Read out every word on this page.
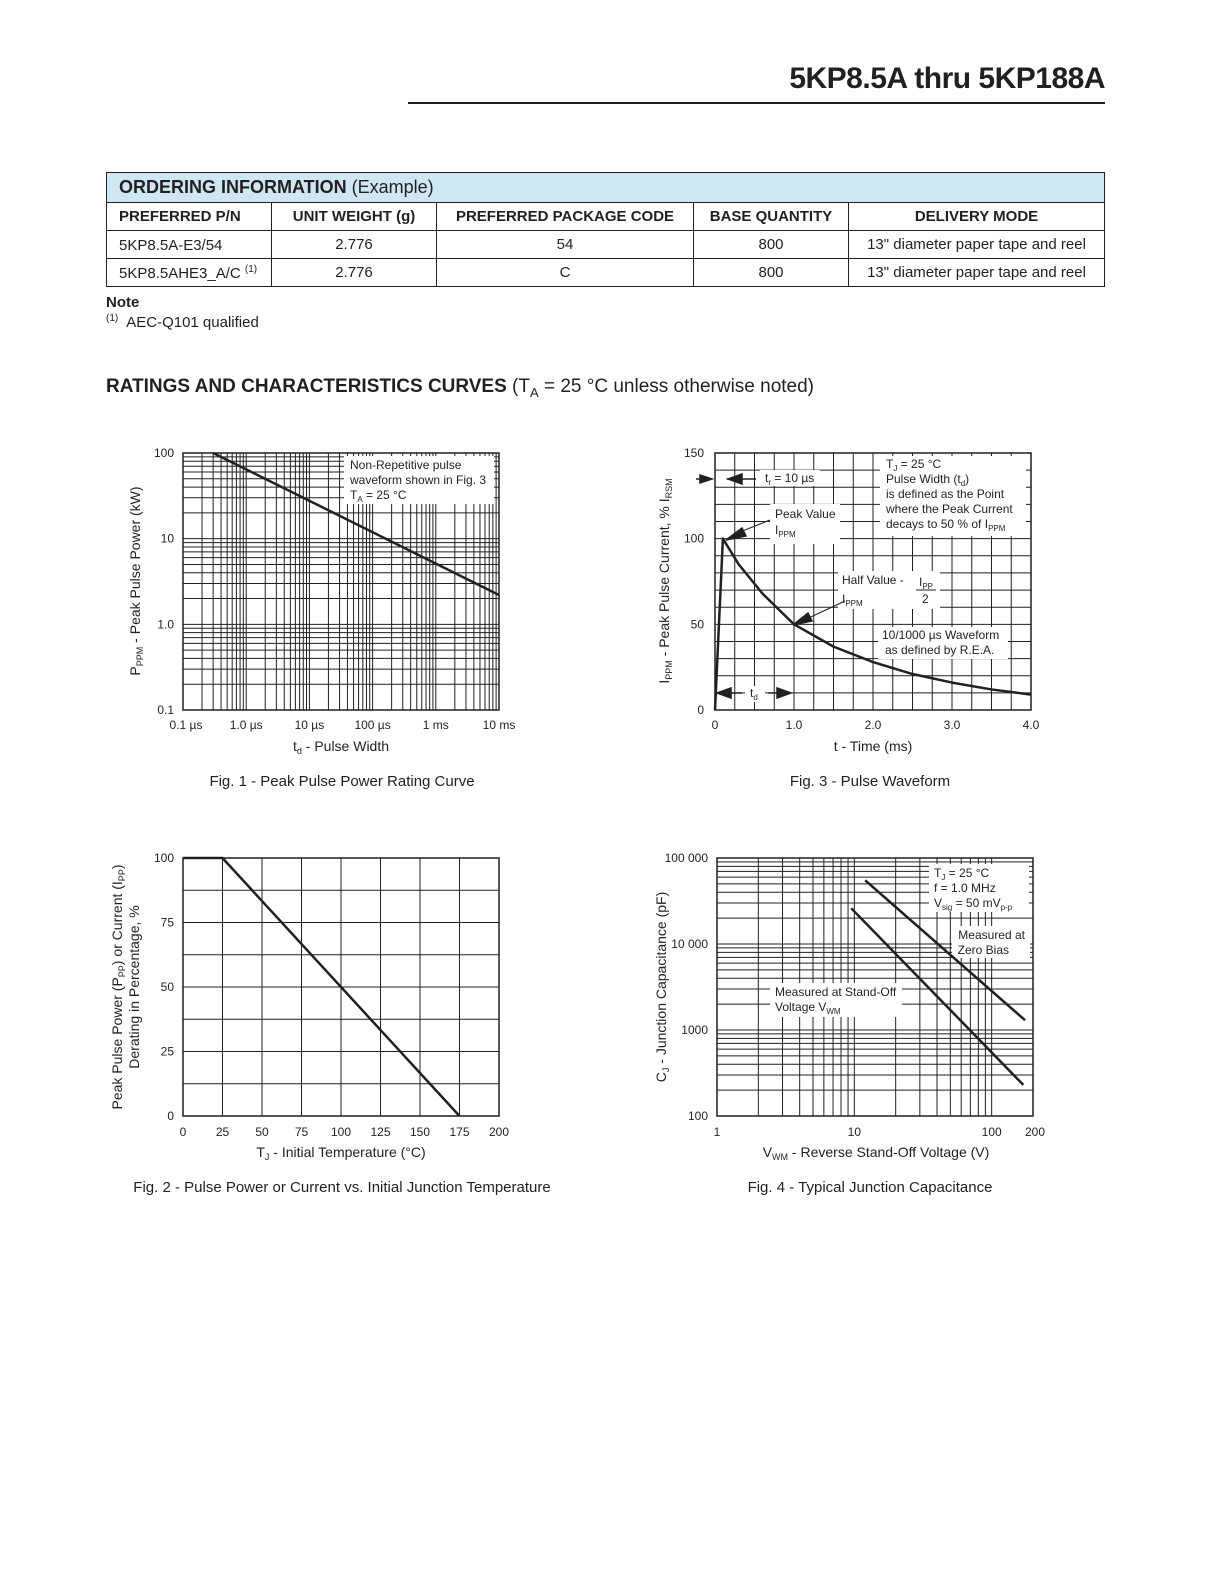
5KP8.5A thru 5KP188A
ORDERING INFORMATION (Example)				
PREFERRED P/N	UNIT WEIGHT (g)	PREFERRED PACKAGE CODE	BASE QUANTITY	DELIVERY MODE
5KP8.5A-E3/54	2.776	54	800	13" diameter paper tape and reel
5KP8.5AHE3_A/C $^{(1)}$	2.776	C	800	13" diameter paper tape and reel
Note
$^{(1)}$ AEC-Q101 qualified
RATINGS AND CHARACTERISTICS CURVES ($T_A = 25$ °C unless otherwise noted)
Non-Repetitive pulse
waveform shown in Fig. 3
$T_A = 25$ °C
100
10
1.0
0.1
0.1 µs 1.0 µs	10 µs	100 µs	1 ms	10 ms
$t_d$ - Pulse Width
$P_{PPM}$ - Peak Pulse Power (kW)
$t_r = 10$ µs
Peak Value
$I_{PPM}$
$T_J = 25$ °C
Pulse Width $(t_d)$
is defined as the Point
where the Peak Current
decays to 50 % of $I_{PPM}$
Half Value -
$I_{PPM}$
$I_{PP}$
2
10/1000 µs Waveform
as defined by R.E.A.
$t_d$
150
100
50
0
0	1.0	2.0	3.0	4.0
t - Time (ms)
$I_{PPM}$ - Peak Pulse Current, % $I_{RSM}$
100
75
50
25
0
0 25 50 75 100 125 150 175 200
$T_J$ - Initial Temperature (°C)
Peak Pulse Power $(P_{PP})$ or Current $(I_{PP})$
Derating in Percentage, %
$T_J = 25$ °C
f = 1.0 MHz
$V_{sig} = 50$ $mV_{p-p}$
Measured at
Zero Bias
Measured at Stand-Off
Voltage $V_{WM}$
100 000
10 000
1000
100
1	10	100 200
$V_{WM}$ - Reverse Stand-Off Voltage (V)
$C_J$ - Junction Capacitance (pF)
Fig. 1 - Peak Pulse Power Rating Curve	Fig. 3 - Pulse Waveform
Fig. 2 - Pulse Power or Current vs. Initial Junction Temperature	Fig. 4 - Typical Junction Capacitance
